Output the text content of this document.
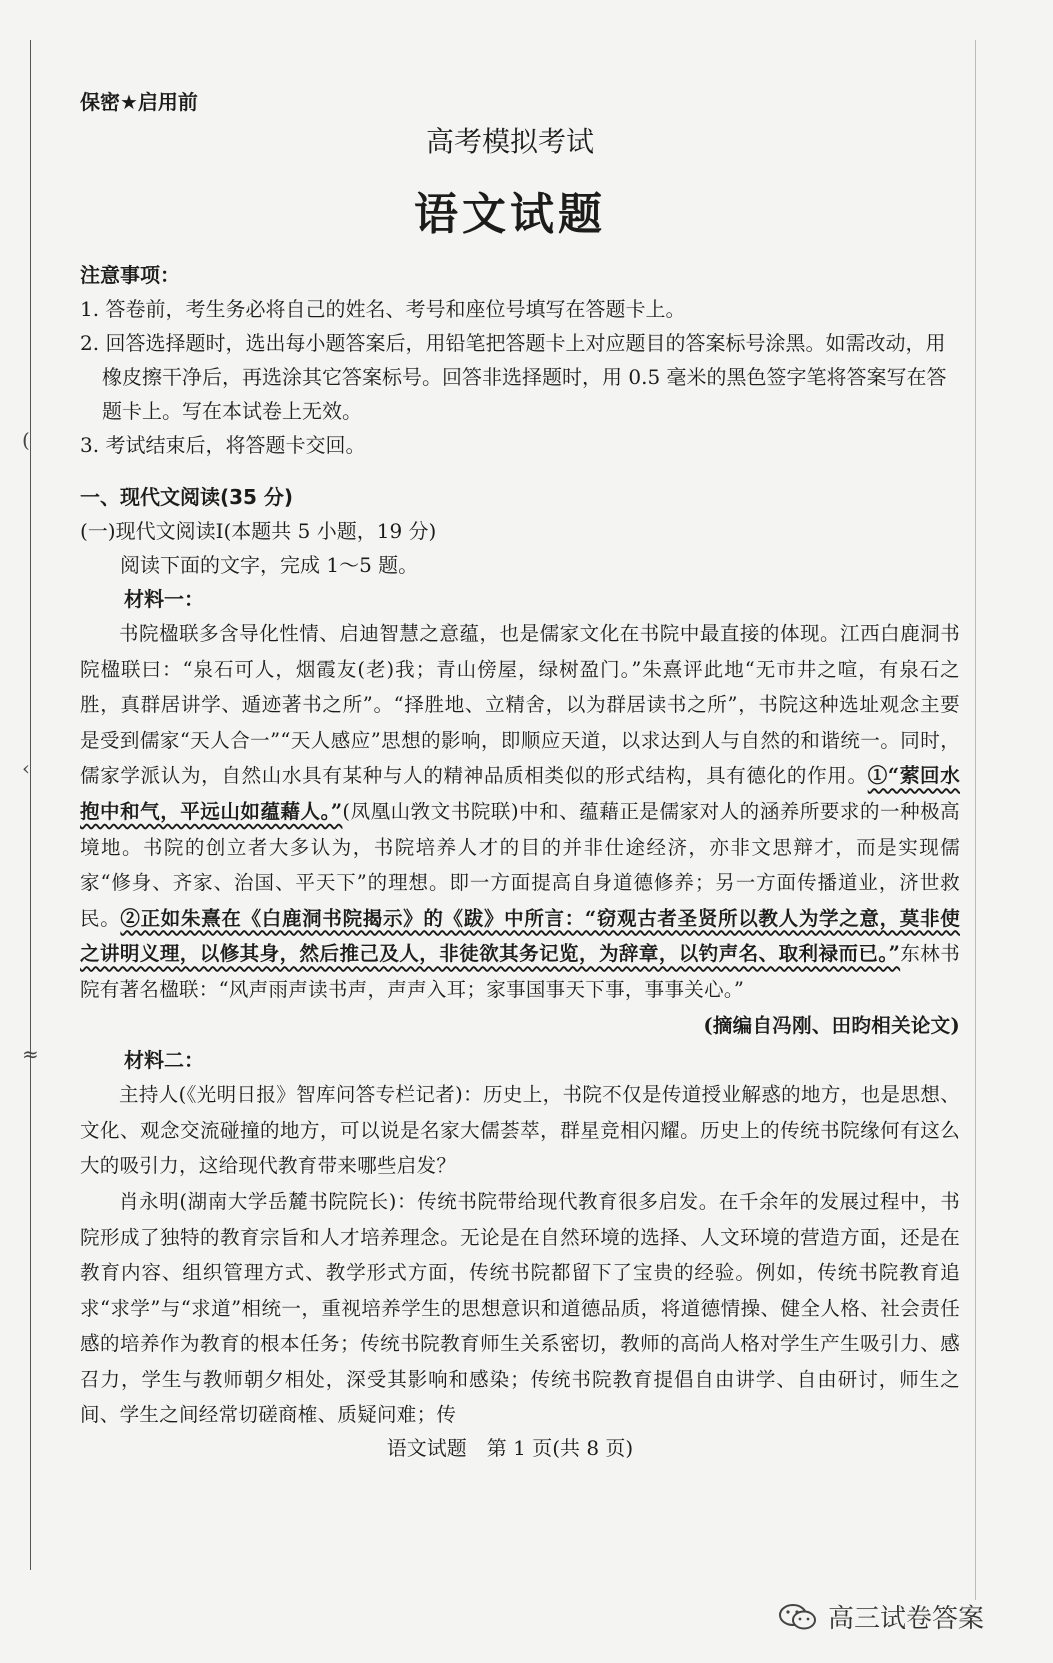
(
‹
≈
保密★启用前
高考模拟考试
语文试题
注意事项：
1. 答卷前，考生务必将自己的姓名、考号和座位号填写在答题卡上。
2. 回答选择题时，选出每小题答案后，用铅笔把答题卡上对应题目的答案标号涂黑。如需改动，用橡皮擦干净后，再选涂其它答案标号。回答非选择题时，用 0.5 毫米的黑色签字笔将答案写在答题卡上。写在本试卷上无效。
3. 考试结束后，将答题卡交回。
一、现代文阅读(35 分)
(一)现代文阅读Ⅰ(本题共 5 小题，19 分)
阅读下面的文字，完成 1～5 题。
材料一：

书院楹联多含导化性情、启迪智慧之意蕴，也是儒家文化在书院中最直接的体现。江西白鹿洞书院楹联曰：“泉石可人，烟霞友(老)我；青山傍屋，绿树盈门。”朱熹评此地“无市井之喧，有泉石之胜，真群居讲学、遁迹著书之所”。“择胜地、立精舍，以为群居读书之所”，书院这种选址观念主要是受到儒家“天人合一”“天人感应”思想的影响，即顺应天道，以求达到人与自然的和谐统一。同时，儒家学派认为，自然山水具有某种与人的精神品质相类似的形式结构，具有德化的作用。①“萦回水抱中和气，平远山如蕴藉人。”(凤凰山敩文书院联)中和、蕴藉正是儒家对人的涵养所要求的一种极高境地。书院的创立者大多认为，书院培养人才的目的并非仕途经济，亦非文思辩才，而是实现儒家“修身、齐家、治国、平天下”的理想。即一方面提高自身道德修养；另一方面传播道业，济世救民。②正如朱熹在《白鹿洞书院揭示》的《跋》中所言：“窃观古者圣贤所以教人为学之意，莫非使之讲明义理，以修其身，然后推己及人，非徒欲其务记览，为辞章，以钓声名、取利禄而已。”东林书院有著名楹联：“风声雨声读书声，声声入耳；家事国事天下事，事事关心。”

(摘编自冯刚、田昀相关论文)
材料二：

主持人(《光明日报》智库问答专栏记者)：历史上，书院不仅是传道授业解惑的地方，也是思想、文化、观念交流碰撞的地方，可以说是名家大儒荟萃，群星竞相闪耀。历史上的传统书院缘何有这么大的吸引力，这给现代教育带来哪些启发？

肖永明(湖南大学岳麓书院院长)：传统书院带给现代教育很多启发。在千余年的发展过程中，书院形成了独特的教育宗旨和人才培养理念。无论是在自然环境的选择、人文环境的营造方面，还是在教育内容、组织管理方式、教学形式方面，传统书院都留下了宝贵的经验。例如，传统书院教育追求“求学”与“求道”相统一，重视培养学生的思想意识和道德品质，将道德情操、健全人格、社会责任感的培养作为教育的根本任务；传统书院教育师生关系密切，教师的高尚人格对学生产生吸引力、感召力，学生与教师朝夕相处，深受其影响和感染；传统书院教育提倡自由讲学、自由研讨，师生之间、学生之间经常切磋商榷、质疑问难；传

语文试题　第 1 页(共 8 页)
高三试卷答案
